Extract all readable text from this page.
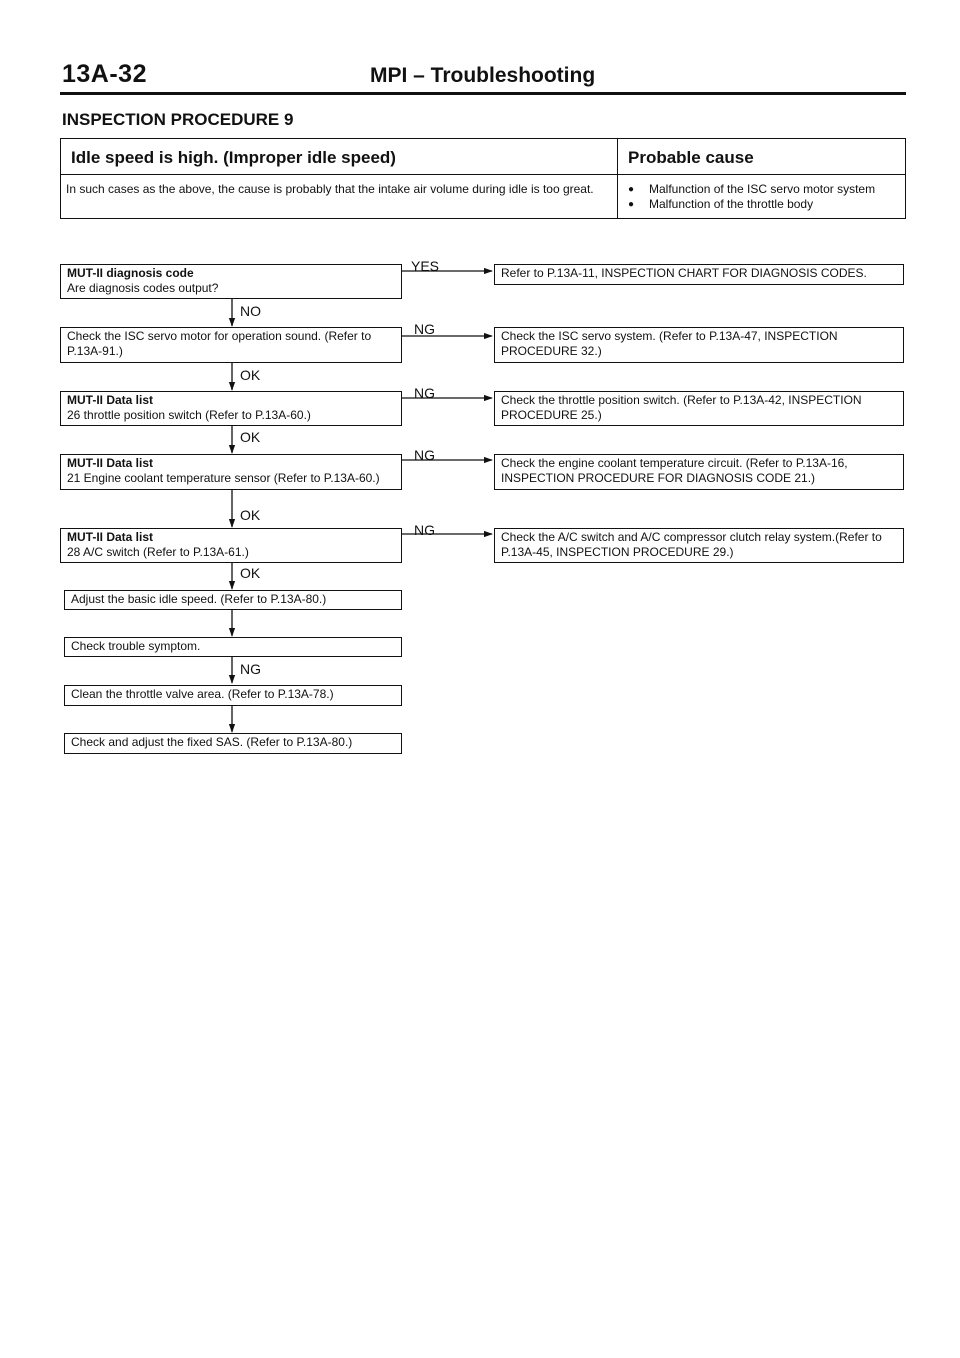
13A-32	MPI – Troubleshooting
INSPECTION PROCEDURE 9
Idle speed is high. (Improper idle speed)
In such cases as the above, the cause is probably that the intake air volume during idle is too great.
Probable cause
● Malfunction of the ISC servo motor system
● Malfunction of the throttle body
MUT-II diagnosis code
Are diagnosis codes output?
Check the ISC servo motor for operation sound. (Refer to P.13A-91.)
MUT-II Data list
26 throttle position switch (Refer to P.13A-60.)
MUT-II Data list
21 Engine coolant temperature sensor (Refer to P.13A-60.)
MUT-II Data list
28 A/C switch (Refer to P.13A-61.)
Adjust the basic idle speed. (Refer to P.13A-80.)
Check trouble symptom.
Clean the throttle valve area. (Refer to P.13A-78.)
Check and adjust the fixed SAS. (Refer to P.13A-80.)
Refer to P.13A-11, INSPECTION CHART FOR DIAGNOSIS CODES.
Check the ISC servo system. (Refer to P.13A-47, INSPECTION PROCEDURE 32.)
Check the throttle position switch. (Refer to P.13A-42, INSPECTION PROCEDURE 25.)
Check the engine coolant temperature circuit. (Refer to P.13A-16, INSPECTION PROCEDURE FOR DIAGNOSIS CODE 21.)
Check the A/C switch and A/C compressor clutch relay system.(Refer to P.13A-45, INSPECTION PROCEDURE 29.)
YES
NO
NG
OK
NG
OK
NG
OK
NG
OK
NG
